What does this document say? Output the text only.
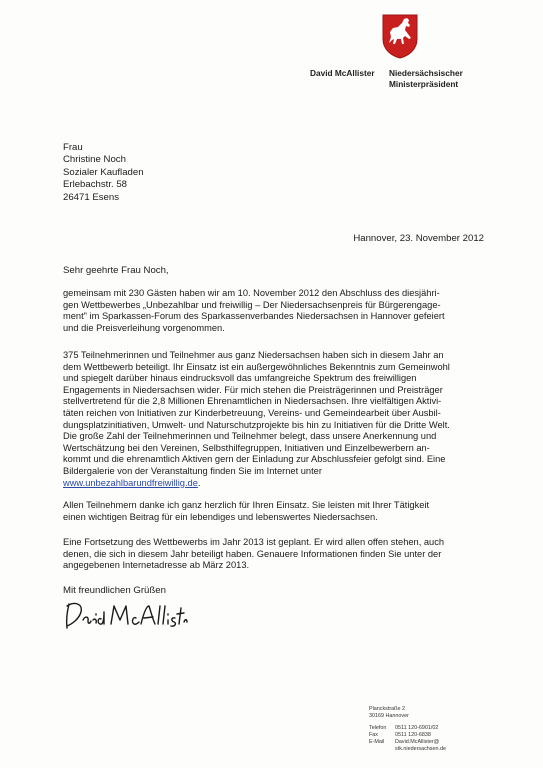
David McAllister Niedersächsischer
Ministerpräsident
Frau
Christine Noch
Sozialer Kaufladen
Erlebachstr. 58
26471 Esens
Hannover, 23. November 2012
Sehr geehrte Frau Noch,
gemeinsam mit 230 Gästen haben wir am 10. November 2012 den Abschluss des diesjähri-
gen Wettbewerbes „Unbezahlbar und freiwillig – Der Niedersachsenpreis für Bürgerengage-
ment" im Sparkassen-Forum des Sparkassenverbandes Niedersachsen in Hannover gefeiert
und die Preisverleihung vorgenommen.
375 Teilnehmerinnen und Teilnehmer aus ganz Niedersachsen haben sich in diesem Jahr an
dem Wettbewerb beteiligt. Ihr Einsatz ist ein außergewöhnliches Bekenntnis zum Gemeinwohl
und spiegelt darüber hinaus eindrucksvoll das umfangreiche Spektrum des freiwilligen
Engagements in Niedersachsen wider. Für mich stehen die Preisträgerinnen und Preisträger
stellvertretend für die 2,8 Millionen Ehrenamtlichen in Niedersachsen. Ihre vielfältigen Aktivi-
täten reichen von Initiativen zur Kinderbetreuung, Vereins- und Gemeindearbeit über Ausbil-
dungsplatzinitiativen, Umwelt- und Naturschutzprojekte bis hin zu Initiativen für die Dritte Welt.
Die große Zahl der Teilnehmerinnen und Teilnehmer belegt, dass unsere Anerkennung und
Wertschätzung bei den Vereinen, Selbsthilfegruppen, Initiativen und Einzelbewerbern an-
kommt und die ehrenamtlich Aktiven gern der Einladung zur Abschlussfeier gefolgt sind. Eine
Bildergalerie von der Veranstaltung finden Sie im Internet unter
www.unbezahlbarundfreiwillig.de.
Allen Teilnehmern danke ich ganz herzlich für Ihren Einsatz. Sie leisten mit Ihrer Tätigkeit
einen wichtigen Beitrag für ein lebendiges und lebenswertes Niedersachsen.
Eine Fortsetzung des Wettbewerbs im Jahr 2013 ist geplant. Er wird allen offen stehen, auch
denen, die sich in diesem Jahr beteiligt haben. Genauere Informationen finden Sie unter der
angegebenen Internetadresse ab März 2013.
Mit freundlichen Grüßen
Planckstraße 2
30169 Hannover
Telefon 0511 120-6901/02
Fax	0511 120-6838
E-Mail David.McAllister@
stk.niedersachsen.de
